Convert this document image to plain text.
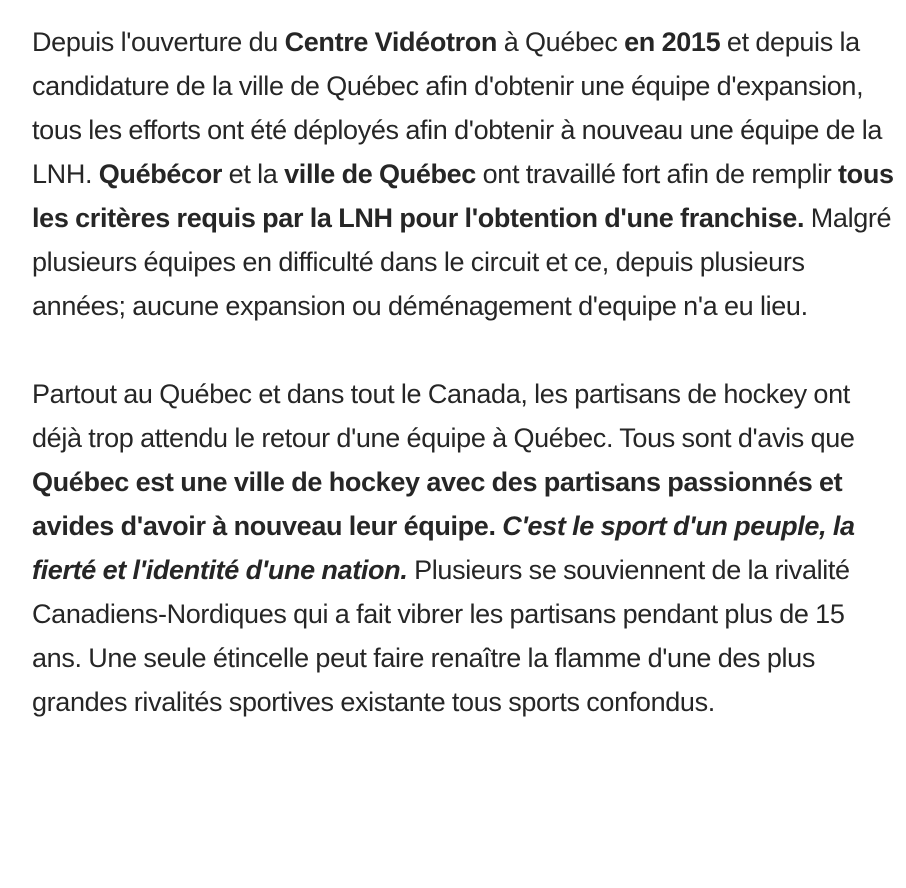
Depuis l'ouverture du Centre Vidéotron à Québec en 2015 et depuis la candidature de la ville de Québec afin d'obtenir une équipe d'expansion, tous les efforts ont été déployés afin d'obtenir à nouveau une équipe de la LNH. Québécor et la ville de Québec ont travaillé fort afin de remplir tous les critères requis par la LNH pour l'obtention d'une franchise. Malgré plusieurs équipes en difficulté dans le circuit et ce, depuis plusieurs années; aucune expansion ou déménagement d'equipe n'a eu lieu.

Partout au Québec et dans tout le Canada, les partisans de hockey ont déjà trop attendu le retour d'une équipe à Québec. Tous sont d'avis que Québec est une ville de hockey avec des partisans passionnés et avides d'avoir à nouveau leur équipe. C'est le sport d'un peuple, la fierté et l'identité d'une nation. Plusieurs se souviennent de la rivalité Canadiens-Nordiques qui a fait vibrer les partisans pendant plus de 15 ans. Une seule étincelle peut faire renaître la flamme d'une des plus grandes rivalités sportives existante tous sports confondus.
